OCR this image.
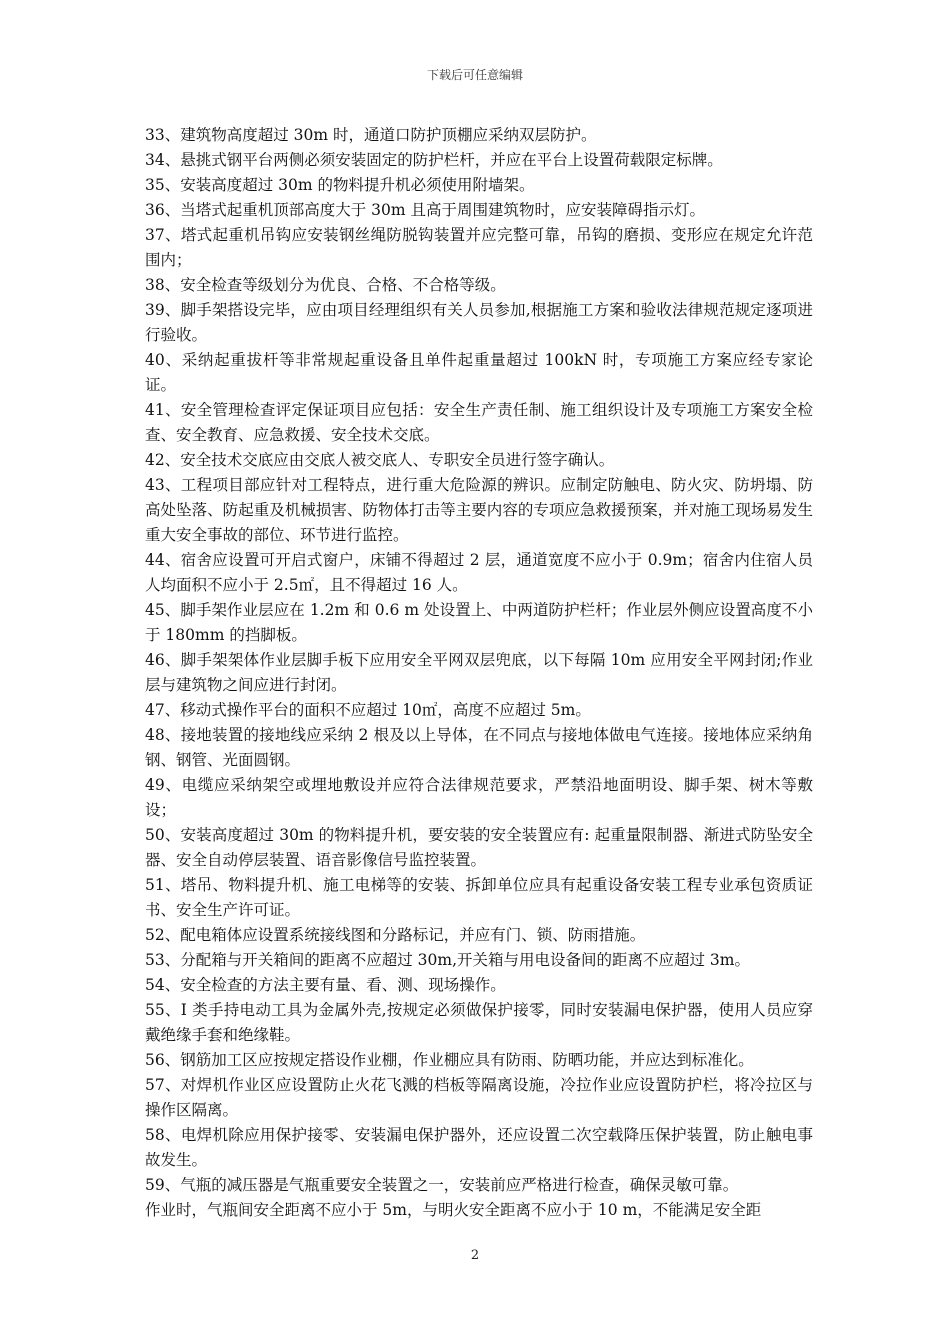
下载后可任意编辑

33、建筑物高度超过 30m 时，通道口防护顶棚应采纳双层防护。

34、悬挑式钢平台两侧必须安装固定的防护栏杆，并应在平台上设置荷载限定标牌。

35、安装高度超过 30m 的物料提升机必须使用附墙架。

36、当塔式起重机顶部高度大于 30m 且高于周围建筑物时，应安装障碍指示灯。

37、塔式起重机吊钩应安装钢丝绳防脱钩装置并应完整可靠，吊钩的磨损、变形应在规定允许范围内；

38、安全检查等级划分为优良、合格、不合格等级。

39、脚手架搭设完毕，应由项目经理组织有关人员参加,根据施工方案和验收法律规范规定逐项进行验收。

40、采纳起重拔杆等非常规起重设备且单件起重量超过 100kN 时，专项施工方案应经专家论证。

41、安全管理检查评定保证项目应包括：安全生产责任制、施工组织设计及专项施工方案安全检查、安全教育、应急救援、安全技术交底。

42、安全技术交底应由交底人被交底人、专职安全员进行签字确认。

43、工程项目部应针对工程特点，进行重大危险源的辨识。应制定防触电、防火灾、防坍塌、防高处坠落、防起重及机械损害、防物体打击等主要内容的专项应急救援预案，并对施工现场易发生重大安全事故的部位、环节进行监控。

44、宿舍应设置可开启式窗户，床铺不得超过 2 层，通道宽度不应小于 0.9m；宿舍内住宿人员人均面积不应小于 2.5㎡，且不得超过 16 人。

45、脚手架作业层应在 1.2m 和 0.6 m 处设置上、中两道防护栏杆；作业层外侧应设置高度不小于 180mm 的挡脚板。

46、脚手架架体作业层脚手板下应用安全平网双层兜底，以下每隔 10m 应用安全平网封闭;作业层与建筑物之间应进行封闭。

47、移动式操作平台的面积不应超过 10㎡，高度不应超过 5m。

48、接地装置的接地线应采纳 2 根及以上导体，在不同点与接地体做电气连接。接地体应采纳角钢、钢管、光面圆钢。

49、电缆应采纳架空或埋地敷设并应符合法律规范要求，严禁沿地面明设、脚手架、树木等敷设；

50、安装高度超过 30m 的物料提升机，要安装的安全装置应有: 起重量限制器、渐进式防坠安全器、安全自动停层装置、语音影像信号监控装置。

51、塔吊、物料提升机、施工电梯等的安装、拆卸单位应具有起重设备安装工程专业承包资质证书、安全生产许可证。

52、配电箱体应设置系统接线图和分路标记，并应有门、锁、防雨措施。

53、分配箱与开关箱间的距离不应超过 30m,开关箱与用电设备间的距离不应超过 3m。

54、安全检查的方法主要有量、看、测、现场操作。

55、I 类手持电动工具为金属外壳,按规定必须做保护接零，同时安装漏电保护器，使用人员应穿戴绝缘手套和绝缘鞋。

56、钢筋加工区应按规定搭设作业棚，作业棚应具有防雨、防晒功能，并应达到标准化。

57、对焊机作业区应设置防止火花飞溅的档板等隔离设施，冷拉作业应设置防护栏，将冷拉区与操作区隔离。

58、电焊机除应用保护接零、安装漏电保护器外，还应设置二次空载降压保护装置，防止触电事故发生。

59、气瓶的减压器是气瓶重要安全装置之一，安装前应严格进行检查，确保灵敏可靠。

作业时，气瓶间安全距离不应小于 5m，与明火安全距离不应小于 10 m，不能满足安全距

2
